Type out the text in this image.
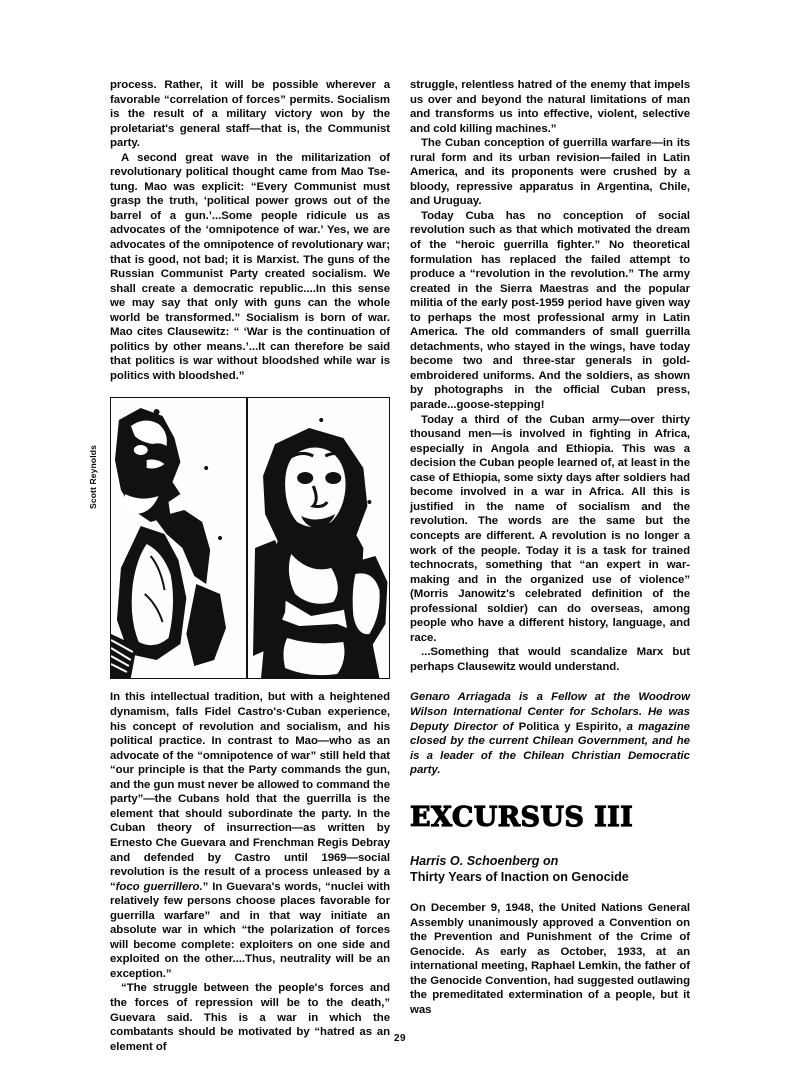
process. Rather, it will be possible wherever a favorable “correlation of forces” permits. Socialism is the result of a military victory won by the proletariat's general staff—that is, the Communist party.

A second great wave in the militarization of revolutionary political thought came from Mao Tse-tung. Mao was explicit: “Every Communist must grasp the truth, ‘political power grows out of the barrel of a gun.’...Some people ridicule us as advocates of the ‘omnipotence of war.’ Yes, we are advocates of the omnipotence of revolutionary war; that is good, not bad; it is Marxist. The guns of the Russian Communist Party created socialism. We shall create a democratic republic....In this sense we may say that only with guns can the whole world be transformed.” Socialism is born of war. Mao cites Clausewitz: “ ‘War is the continuation of politics by other means.’...It can therefore be said that politics is war without bloodshed while war is politics with bloodshed.”

Scott Reynolds

In this intellectual tradition, but with a heightened dynamism, falls Fidel Castro's·Cuban experience, his concept of revolution and socialism, and his political practice. In contrast to Mao—who as an advocate of the “omnipotence of war” still held that “our principle is that the Party commands the gun, and the gun must never be allowed to command the party”—the Cubans hold that the guerrilla is the element that should subordinate the party. In the Cuban theory of insurrection—as written by Ernesto Che Guevara and Frenchman Regis Debray and defended by Castro until 1969—social revolution is the result of a process unleased by a “foco guerrillero.” In Guevara's words, “nuclei with relatively few persons choose places favorable for guerrilla warfare” and in that way initiate an absolute war in which “the polarization of forces will become complete: exploiters on one side and exploited on the other....Thus, neutrality will be an exception.”

“The struggle between the people's forces and the forces of repression will be to the death,” Guevara said. This is a war in which the combatants should be motivated by “hatred as an element of

struggle, relentless hatred of the enemy that impels us over and beyond the natural limitations of man and transforms us into effective, violent, selective and cold killing machines.”

The Cuban conception of guerrilla warfare—in its rural form and its urban revision—failed in Latin America, and its proponents were crushed by a bloody, repressive apparatus in Argentina, Chile, and Uruguay.

Today Cuba has no conception of social revolution such as that which motivated the dream of the “heroic guerrilla fighter.” No theoretical formulation has replaced the failed attempt to produce a “revolution in the revolution.” The army created in the Sierra Maestras and the popular militia of the early post-1959 period have given way to perhaps the most professional army in Latin America. The old commanders of small guerrilla detachments, who stayed in the wings, have today become two and three-star generals in gold-embroidered uniforms. And the soldiers, as shown by photographs in the official Cuban press, parade...goose-stepping!

Today a third of the Cuban army—over thirty thousand men—is involved in fighting in Africa, especially in Angola and Ethiopia. This was a decision the Cuban people learned of, at least in the case of Ethiopia, some sixty days after soldiers had become involved in a war in Africa. All this is justified in the name of socialism and the revolution. The words are the same but the concepts are different. A revolution is no longer a work of the people. Today it is a task for trained technocrats, something that “an expert in war-making and in the organized use of violence” (Morris Janowitz's celebrated definition of the professional soldier) can do overseas, among people who have a different history, language, and race.

...Something that would scandalize Marx but perhaps Clausewitz would understand.

Genaro Arriagada is a Fellow at the Woodrow Wilson International Center for Scholars. He was Deputy Director of Politica y Espirito, a magazine closed by the current Chilean Government, and he is a leader of the Chilean Christian Democratic party.

EXCURSUS III
Harris O. Schoenberg on
Thirty Years of Inaction on Genocide

On December 9, 1948, the United Nations General Assembly unanimously approved a Convention on the Prevention and Punishment of the Crime of Genocide. As early as October, 1933, at an international meeting, Raphael Lemkin, the father of the Genocide Convention, had suggested outlawing the premeditated extermination of a people, but it was

29
